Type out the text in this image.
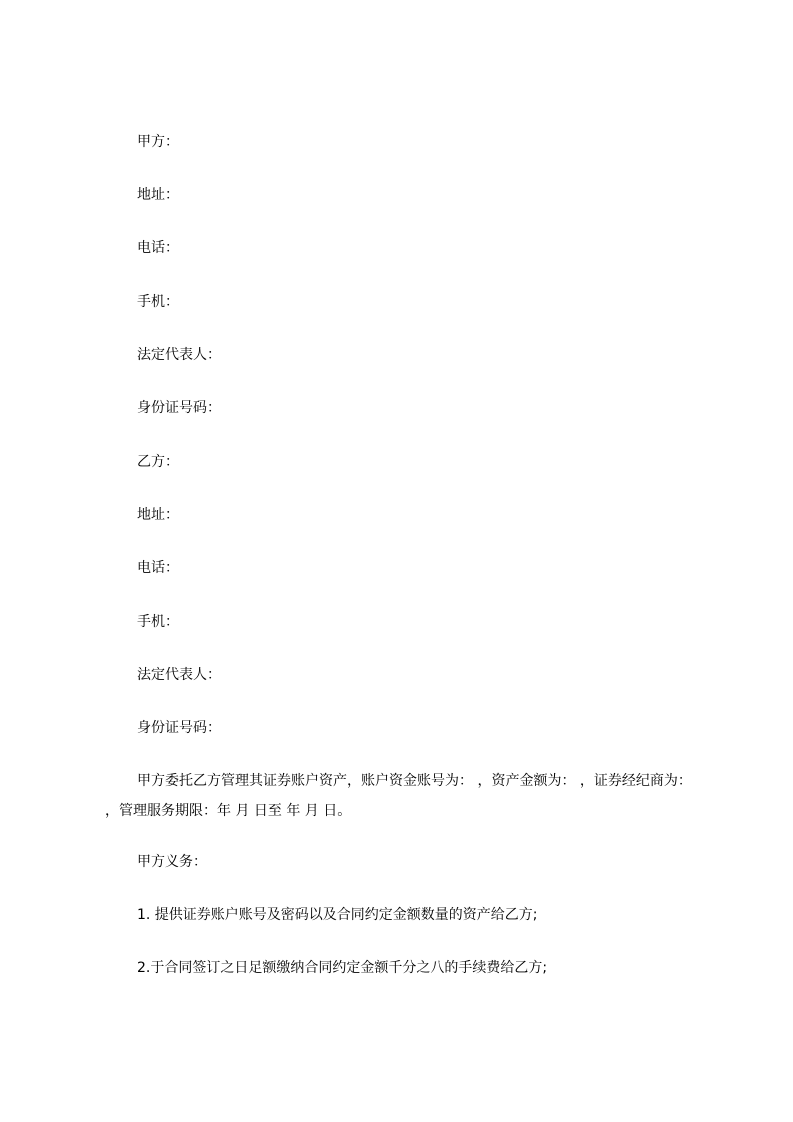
甲方：
地址：
电话：
手机：
法定代表人：
身份证号码：
乙方：
地址：
电话：
手机：
法定代表人：
身份证号码：
甲方委托乙方管理其证券账户资产，账户资金账号为： ，资产金额为： ，证券经纪商为： ，管理服务期限：年 月 日至 年 月 日。
甲方义务：
1. 提供证券账户账号及密码以及合同约定金额数量的资产给乙方;
2.于合同签订之日足额缴纳合同约定金额千分之八的手续费给乙方;
